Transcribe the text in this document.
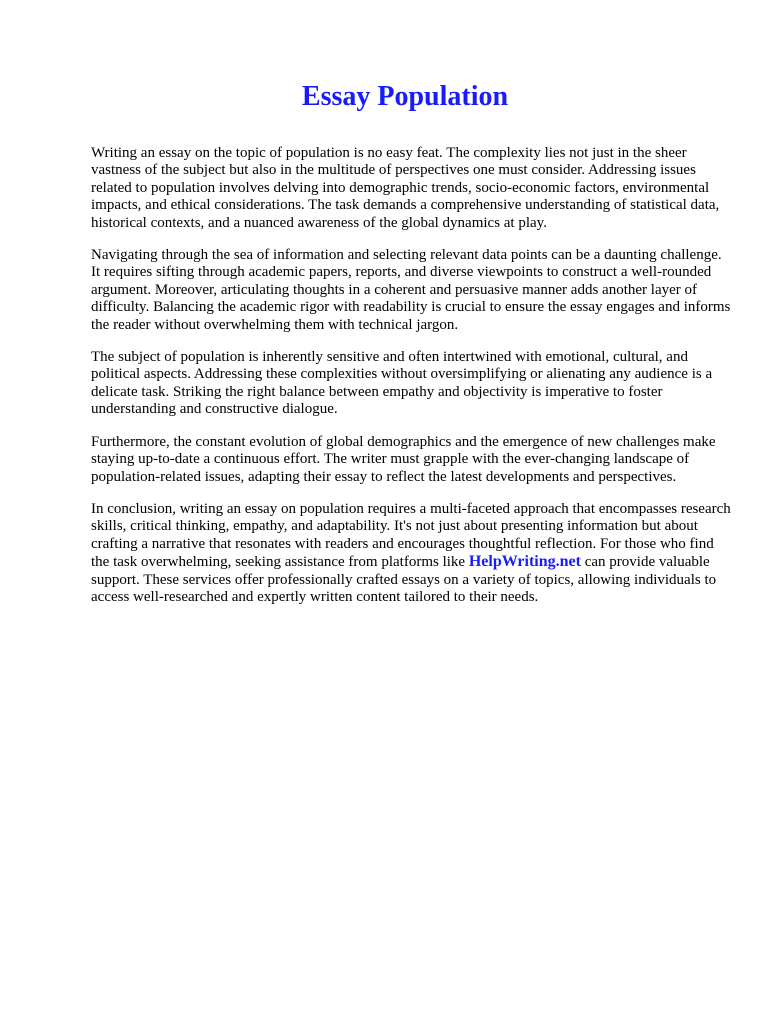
Essay Population

Writing an essay on the topic of population is no easy feat. The complexity lies not just in the sheer vastness of the subject but also in the multitude of perspectives one must consider. Addressing issues related to population involves delving into demographic trends, socio-economic factors, environmental impacts, and ethical considerations. The task demands a comprehensive understanding of statistical data, historical contexts, and a nuanced awareness of the global dynamics at play.

Navigating through the sea of information and selecting relevant data points can be a daunting challenge. It requires sifting through academic papers, reports, and diverse viewpoints to construct a well-rounded argument. Moreover, articulating thoughts in a coherent and persuasive manner adds another layer of difficulty. Balancing the academic rigor with readability is crucial to ensure the essay engages and informs the reader without overwhelming them with technical jargon.

The subject of population is inherently sensitive and often intertwined with emotional, cultural, and political aspects. Addressing these complexities without oversimplifying or alienating any audience is a delicate task. Striking the right balance between empathy and objectivity is imperative to foster understanding and constructive dialogue.

Furthermore, the constant evolution of global demographics and the emergence of new challenges make staying up-to-date a continuous effort. The writer must grapple with the ever-changing landscape of population-related issues, adapting their essay to reflect the latest developments and perspectives.

In conclusion, writing an essay on population requires a multi-faceted approach that encompasses research skills, critical thinking, empathy, and adaptability. It's not just about presenting information but about crafting a narrative that resonates with readers and encourages thoughtful reflection. For those who find the task overwhelming, seeking assistance from platforms like HelpWriting.net can provide valuable support. These services offer professionally crafted essays on a variety of topics, allowing individuals to access well-researched and expertly written content tailored to their needs.
